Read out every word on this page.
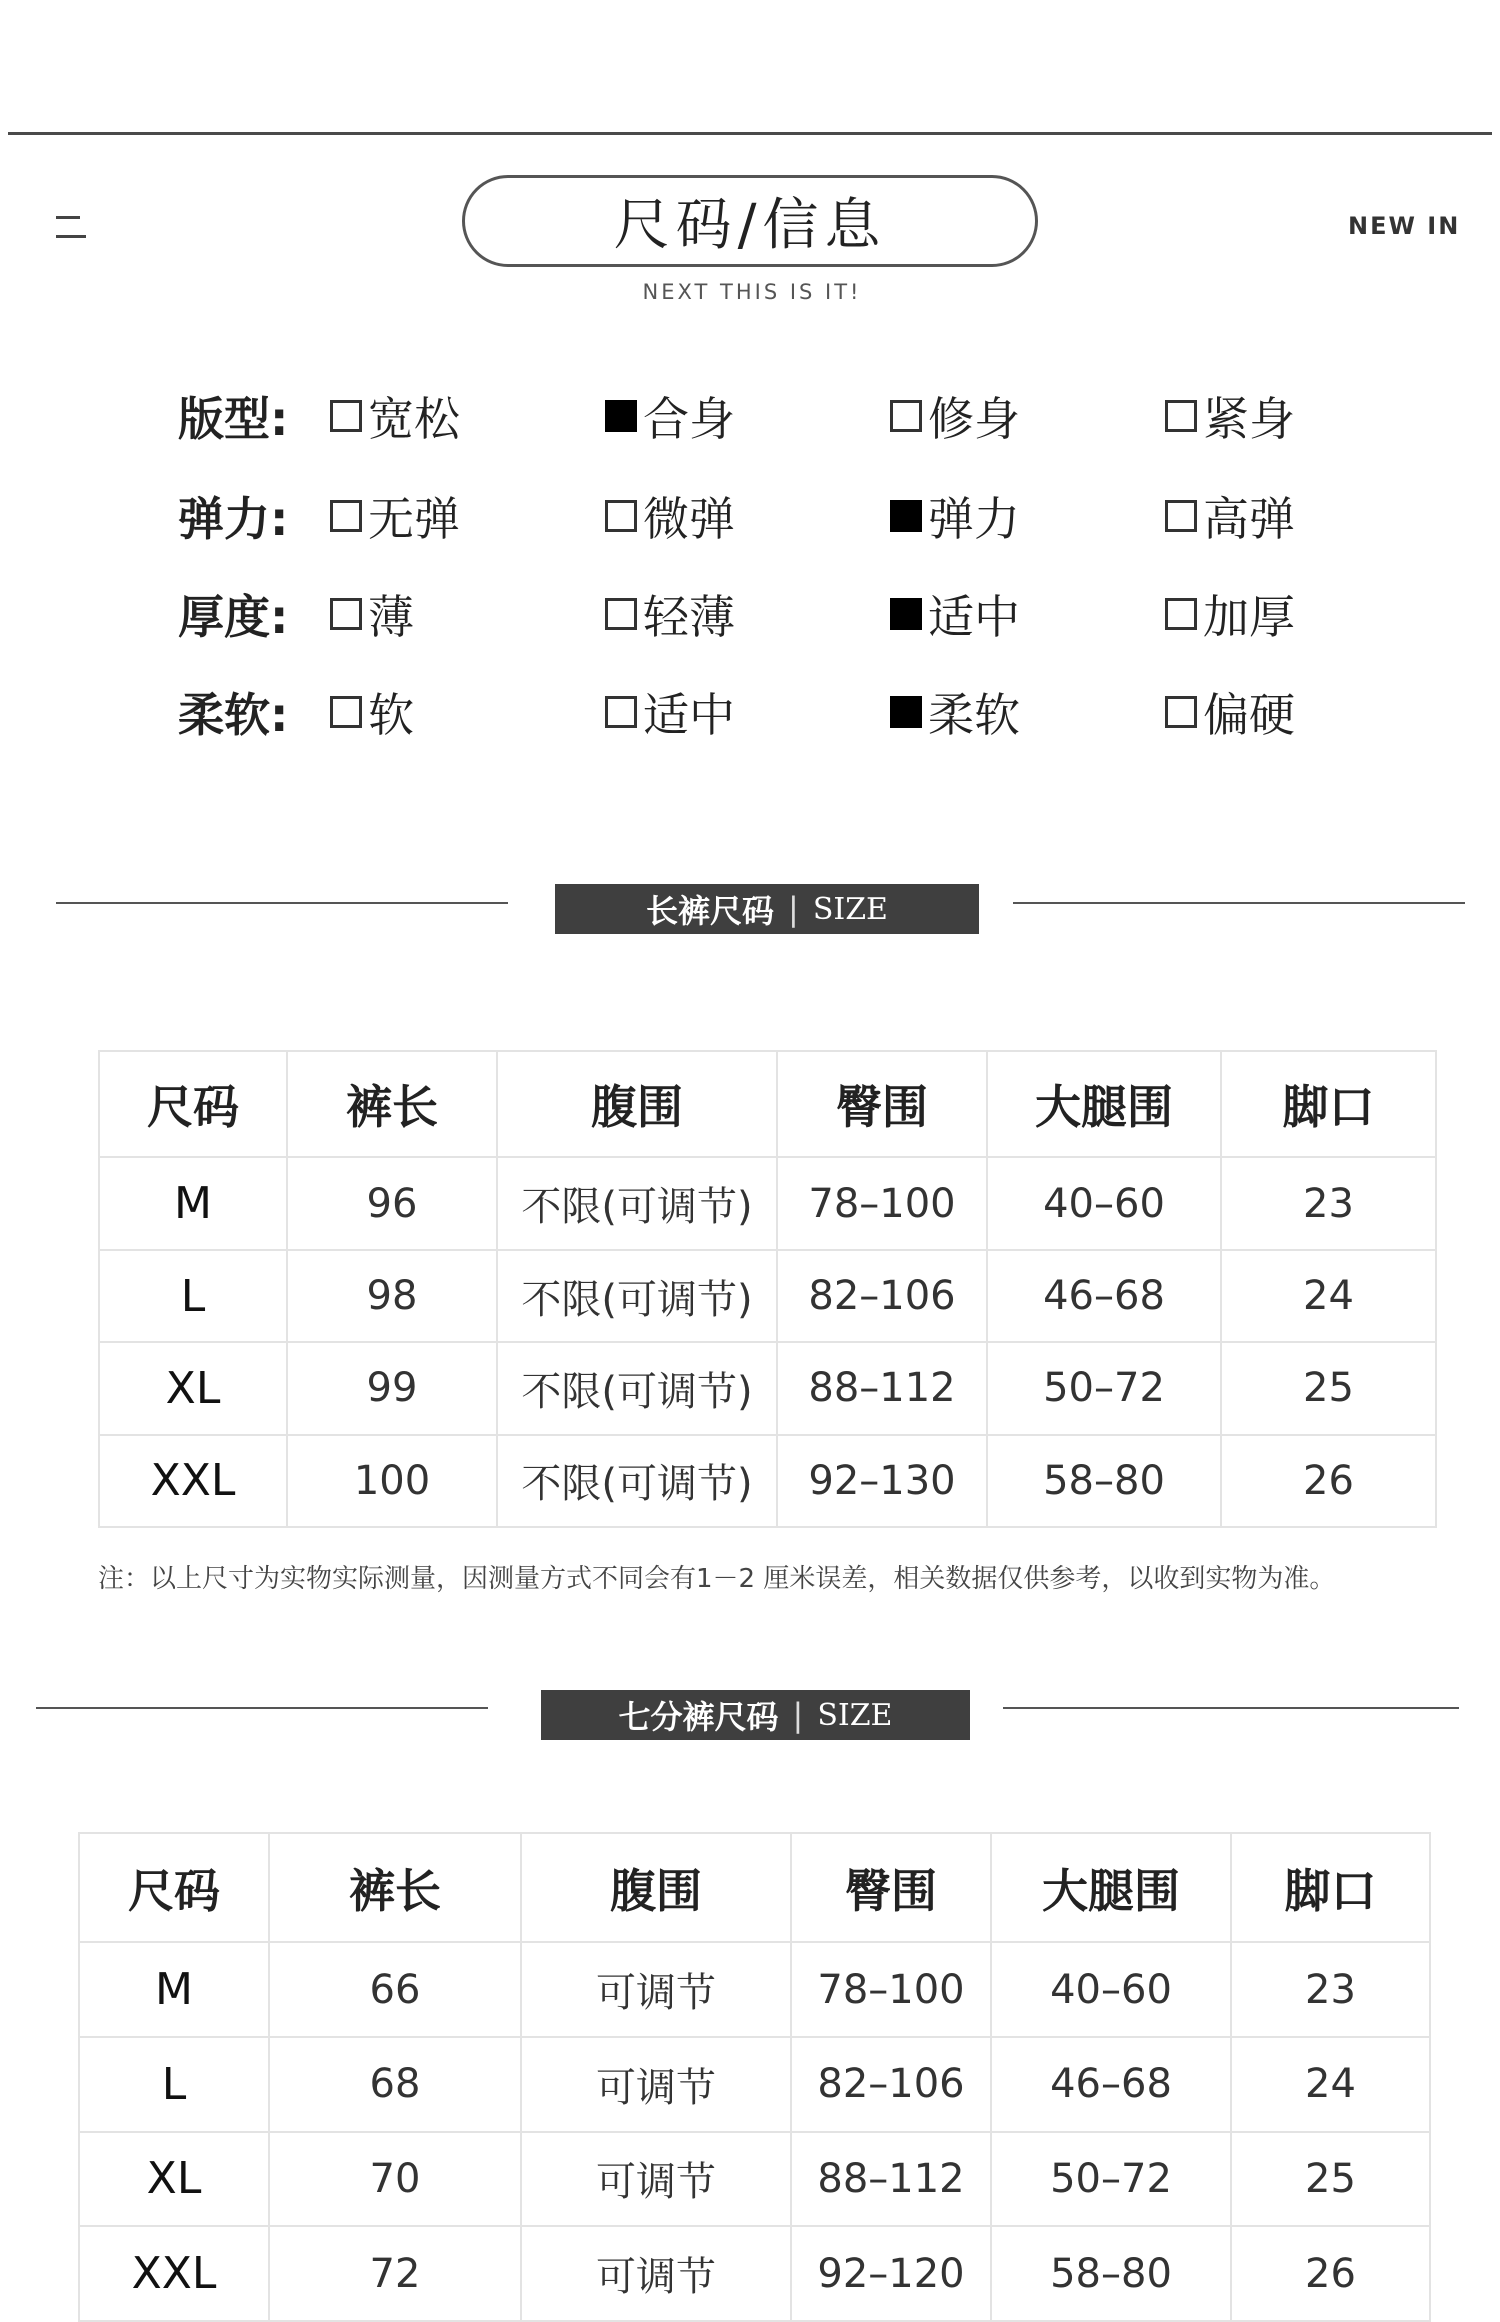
尺码/信息
NEXT THIS IS IT!
NEW IN
版型: 宽松	合身	修身	紧身
弹力: 无弹	微弹	弹力	高弹
厚度: 薄	轻薄	适中	加厚
柔软: 软	适中	柔软	偏硬
长裤尺码 | SIZE
尺码	裤长	腹围	臀围	大腿围	脚口
M	96	不限(可调节)	78–100	40–60	23
L	98	不限(可调节)	82–106	46–68	24
XL	99	不限(可调节)	88–112	50–72	25
XXL	100	不限(可调节)	92–130	58–80	26
注：以上尺寸为实物实际测量，因测量方式不同会有1－2 厘米误差，相关数据仅供参考，以收到实物为准。
七分裤尺码 | SIZE
尺码	裤长	腹围	臀围	大腿围	脚口
M	66	可调节	78–100	40–60	23
L	68	可调节	82–106	46–68	24
XL	70	可调节	88–112	50–72	25
XXL	72	可调节	92–120	58–80	26
